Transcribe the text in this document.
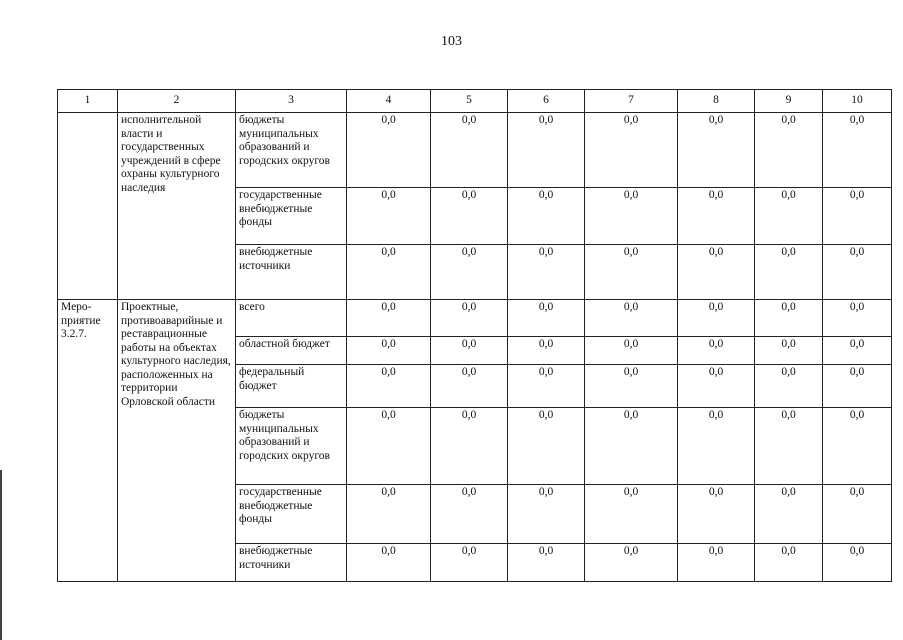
103
1	2	3	4	5	6	7	8	9	10
	исполнительной власти и государственных учреждений в сфере охраны культурного наследия	бюджеты муниципальных образований и городских округов	0,0	0,0	0,0	0,0	0,0	0,0	0,0
		государственные внебюджетные фонды	0,0	0,0	0,0	0,0	0,0	0,0	0,0
		внебюджетные источники	0,0	0,0	0,0	0,0	0,0	0,0	0,0
Меро-приятие 3.2.7.	Проектные, противоаварийные и реставрационные работы на объектах культурного наследия, расположенных на территории Орловской области	всего	0,0	0,0	0,0	0,0	0,0	0,0	0,0
		областной бюджет	0,0	0,0	0,0	0,0	0,0	0,0	0,0
		федеральный бюджет	0,0	0,0	0,0	0,0	0,0	0,0	0,0
		бюджеты муниципальных образований и городских округов	0,0	0,0	0,0	0,0	0,0	0,0	0,0
		государственные внебюджетные фонды	0,0	0,0	0,0	0,0	0,0	0,0	0,0
		внебюджетные источники	0,0	0,0	0,0	0,0	0,0	0,0	0,0
